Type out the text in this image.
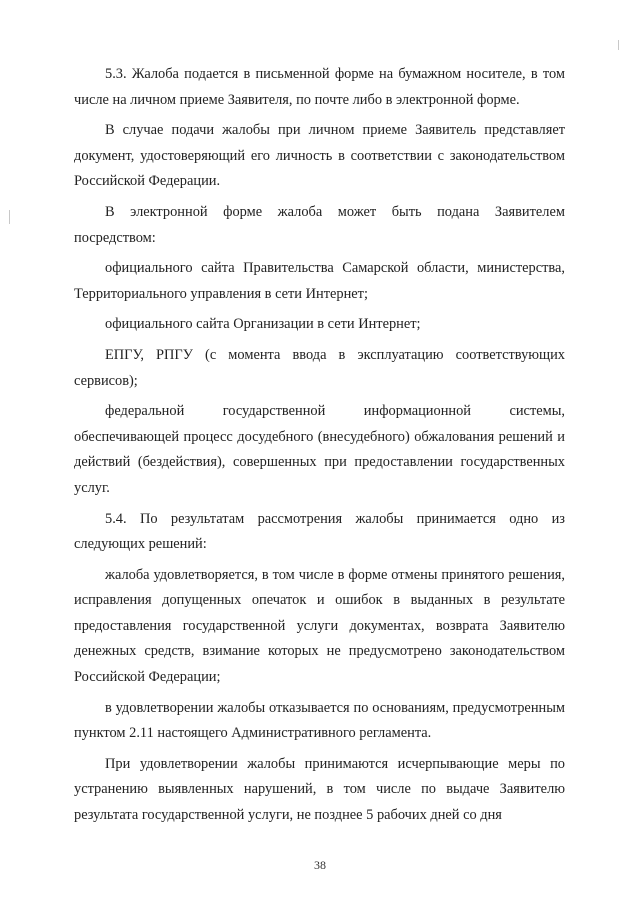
5.3. Жалоба подается в письменной форме на бумажном носителе, в том числе на личном приеме Заявителя, по почте либо в электронной форме.

В случае подачи жалобы при личном приеме Заявитель представляет документ, удостоверяющий его личность в соответствии с законодательством Российской Федерации.

В электронной форме жалоба может быть подана Заявителем посредством:

официального сайта Правительства Самарской области, министерства, Территориального управления в сети Интернет;

официального сайта Организации в сети Интернет;

ЕПГУ, РПГУ (с момента ввода в эксплуатацию соответствующих сервисов);

федеральной государственной информационной системы, обеспечивающей процесс досудебного (внесудебного) обжалования решений и действий (бездействия), совершенных при предоставлении государственных услуг.

5.4. По результатам рассмотрения жалобы принимается одно из следующих решений:

жалоба удовлетворяется, в том числе в форме отмены принятого решения, исправления допущенных опечаток и ошибок в выданных в результате предоставления государственной услуги документах, возврата Заявителю денежных средств, взимание которых не предусмотрено законодательством Российской Федерации;

в удовлетворении жалобы отказывается по основаниям, предусмотренным пунктом 2.11 настоящего Административного регламента.

При удовлетворении жалобы принимаются исчерпывающие меры по устранению выявленных нарушений, в том числе по выдаче Заявителю результата государственной услуги, не позднее 5 рабочих дней со дня

38
